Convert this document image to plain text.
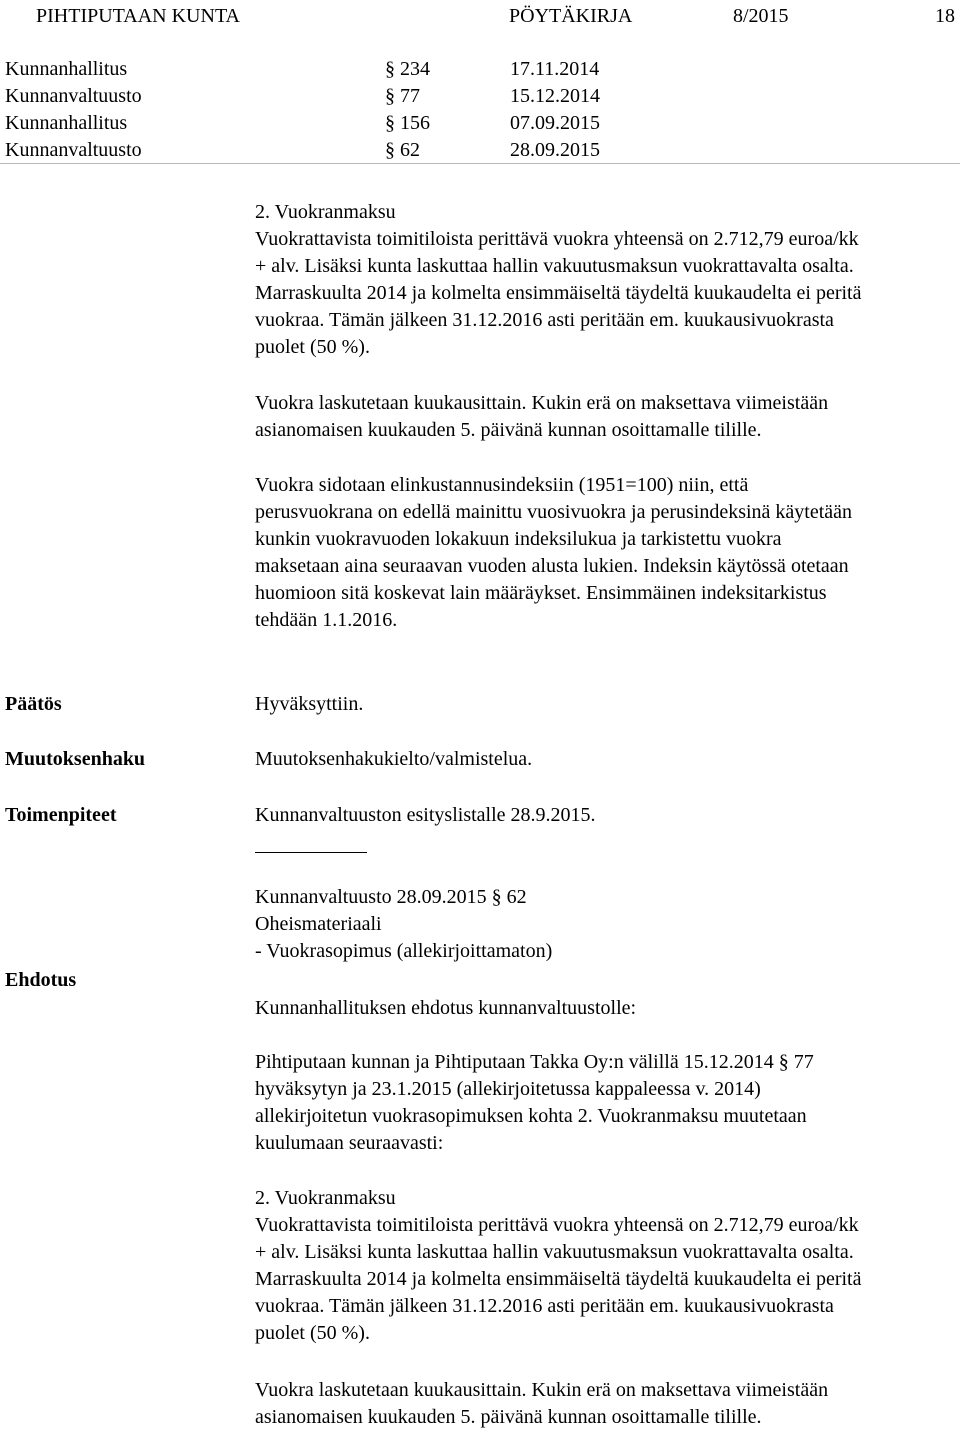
PIHTIPUTAAN KUNTA	PÖYTÄKIRJA	8/2015	18
Kunnanhallitus	§ 234	17.11.2014
Kunnanvaltuusto	§ 77	15.12.2014
Kunnanhallitus	§ 156	07.09.2015
Kunnanvaltuusto	§ 62	28.09.2015
2. Vuokranmaksu
Vuokrattavista toimitiloista perittävä vuokra yhteensä on 2.712,79 euroa/kk
+ alv. Lisäksi kunta laskuttaa hallin vakuutusmaksun vuokrattavalta osalta.
Marraskuulta 2014 ja kolmelta ensimmäiseltä täydeltä kuukaudelta ei peritä
vuokraa. Tämän jälkeen 31.12.2016 asti peritään em. kuukausivuokrasta
puolet (50 %).
Vuokra laskutetaan kuukausittain. Kukin erä on maksettava viimeistään
asianomaisen kuukauden 5. päivänä kunnan osoittamalle tilille.
Vuokra sidotaan elinkustannusindeksiin (1951=100) niin, että
perusvuokrana on edellä mainittu vuosivuokra ja perusindeksinä käytetään
kunkin vuokravuoden lokakuun indeksilukua ja tarkistettu vuokra
maksetaan aina seuraavan vuoden alusta lukien. Indeksin käytössä otetaan
huomioon sitä koskevat lain määräykset. Ensimmäinen indeksitarkistus
tehdään 1.1.2016.
Päätös	Hyväksyttiin.
Muutoksenhaku	Muutoksenhakukielto/valmistelua.
Toimenpiteet	Kunnanvaltuuston esityslistalle 28.9.2015.
Ehdotus
Kunnanvaltuusto 28.09.2015 § 62
Oheismateriaali
- Vuokrasopimus (allekirjoittamaton)
Kunnanhallituksen ehdotus kunnanvaltuustolle:
Pihtiputaan kunnan ja Pihtiputaan Takka Oy:n välillä 15.12.2014 § 77
hyväksytyn ja 23.1.2015 (allekirjoitetussa kappaleessa v. 2014)
allekirjoitetun vuokrasopimuksen kohta 2. Vuokranmaksu muutetaan
kuulumaan seuraavasti:
2. Vuokranmaksu
Vuokrattavista toimitiloista perittävä vuokra yhteensä on 2.712,79 euroa/kk
+ alv. Lisäksi kunta laskuttaa hallin vakuutusmaksun vuokrattavalta osalta.
Marraskuulta 2014 ja kolmelta ensimmäiseltä täydeltä kuukaudelta ei peritä
vuokraa. Tämän jälkeen 31.12.2016 asti peritään em. kuukausivuokrasta
puolet (50 %).
Vuokra laskutetaan kuukausittain. Kukin erä on maksettava viimeistään
asianomaisen kuukauden 5. päivänä kunnan osoittamalle tilille.
